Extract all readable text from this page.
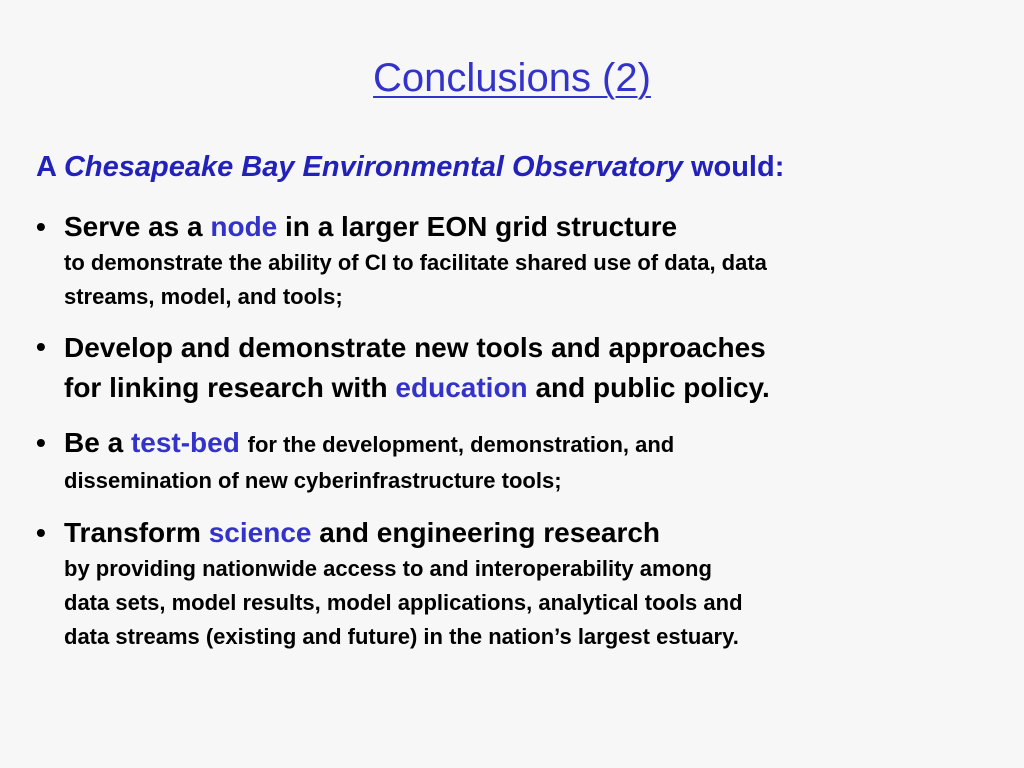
Conclusions (2)
A Chesapeake Bay Environmental Observatory would:
• Serve as a node in a larger EON grid structure
to demonstrate the ability of CI to facilitate shared use of data, data
streams, model, and tools;
• Develop and demonstrate new tools and approaches
for linking research with education and public policy.
• Be a test-bed for the development, demonstration, and
dissemination of new cyberinfrastructure tools;
• Transform science and engineering research
by providing nationwide access to and interoperability among
data sets, model results, model applications, analytical tools and
data streams (existing and future) in the nation’s largest estuary.
